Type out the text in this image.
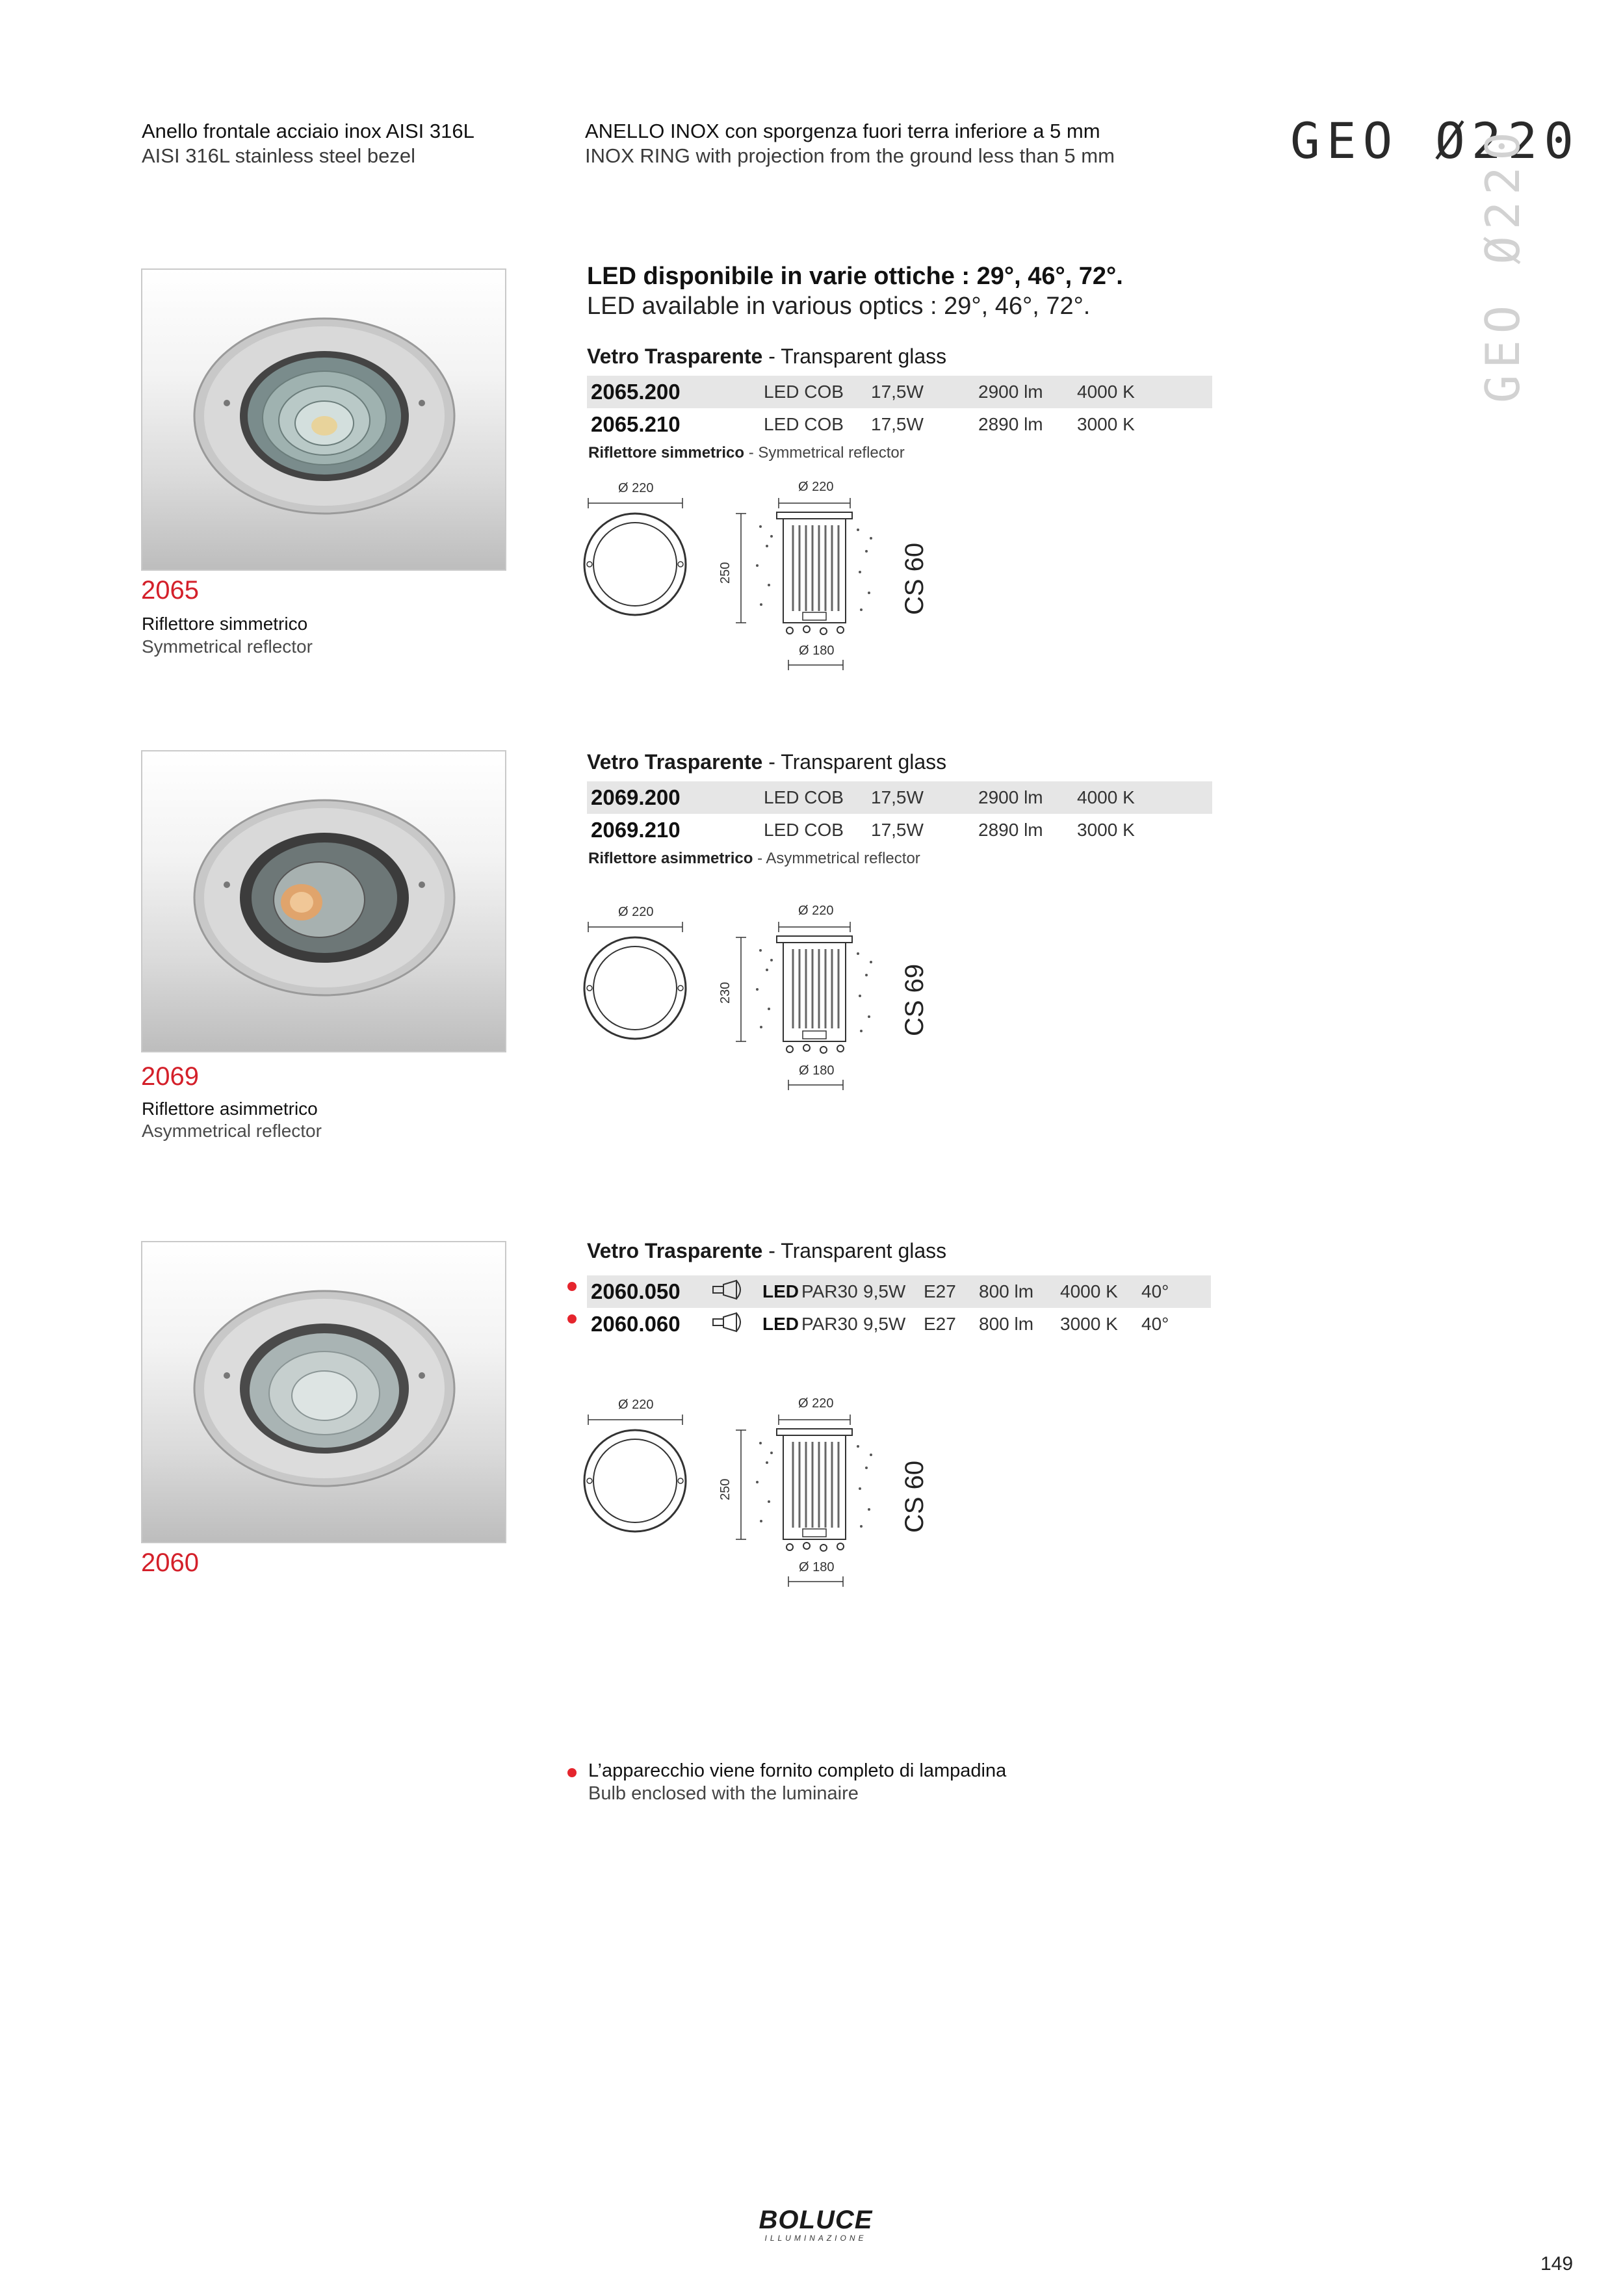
Anello frontale acciaio inox AISI 316L
AISI 316L stainless steel bezel
ANELLO INOX con sporgenza fuori terra inferiore a 5 mm
INOX RING with projection from the ground less than 5 mm	GEO Ø220
GEO Ø220
LED disponibile in varie ottiche : 29°, 46°, 72°.
LED available in various optics : 29°, 46°, 72°.
2065
Riflettore simmetrico
Symmetrical reflector
Vetro Trasparente - Transparent glass
2065.200	LED COB	17,5W	2900 lm	4000 K
2065.210	LED COB	17,5W	2890 lm	3000 K
Riflettore simmetrico - Symmetrical reflector
Ø 220	Ø 220
250
Ø 180
CS 60
2069
Riflettore asimmetrico
Asymmetrical reflector
Vetro Trasparente - Transparent glass
2069.200	LED COB	17,5W	2900 lm	4000 K
2069.210	LED COB	17,5W	2890 lm	3000 K
Riflettore asimmetrico - Asymmetrical reflector
Ø 220	Ø 220
230
Ø 180
CS 69
2060
Vetro Trasparente - Transparent glass
2060.050		LED	PAR30	9,5W	E27	800 lm	4000 K	40°
2060.060		LED	PAR30	9,5W	E27	800 lm	3000 K	40°
Ø 220	Ø 220
250
Ø 180
CS 60
L’apparecchio viene fornito completo di lampadina
Bulb enclosed with the luminaire
BOLUCE
ILLUMINAZIONE
149
